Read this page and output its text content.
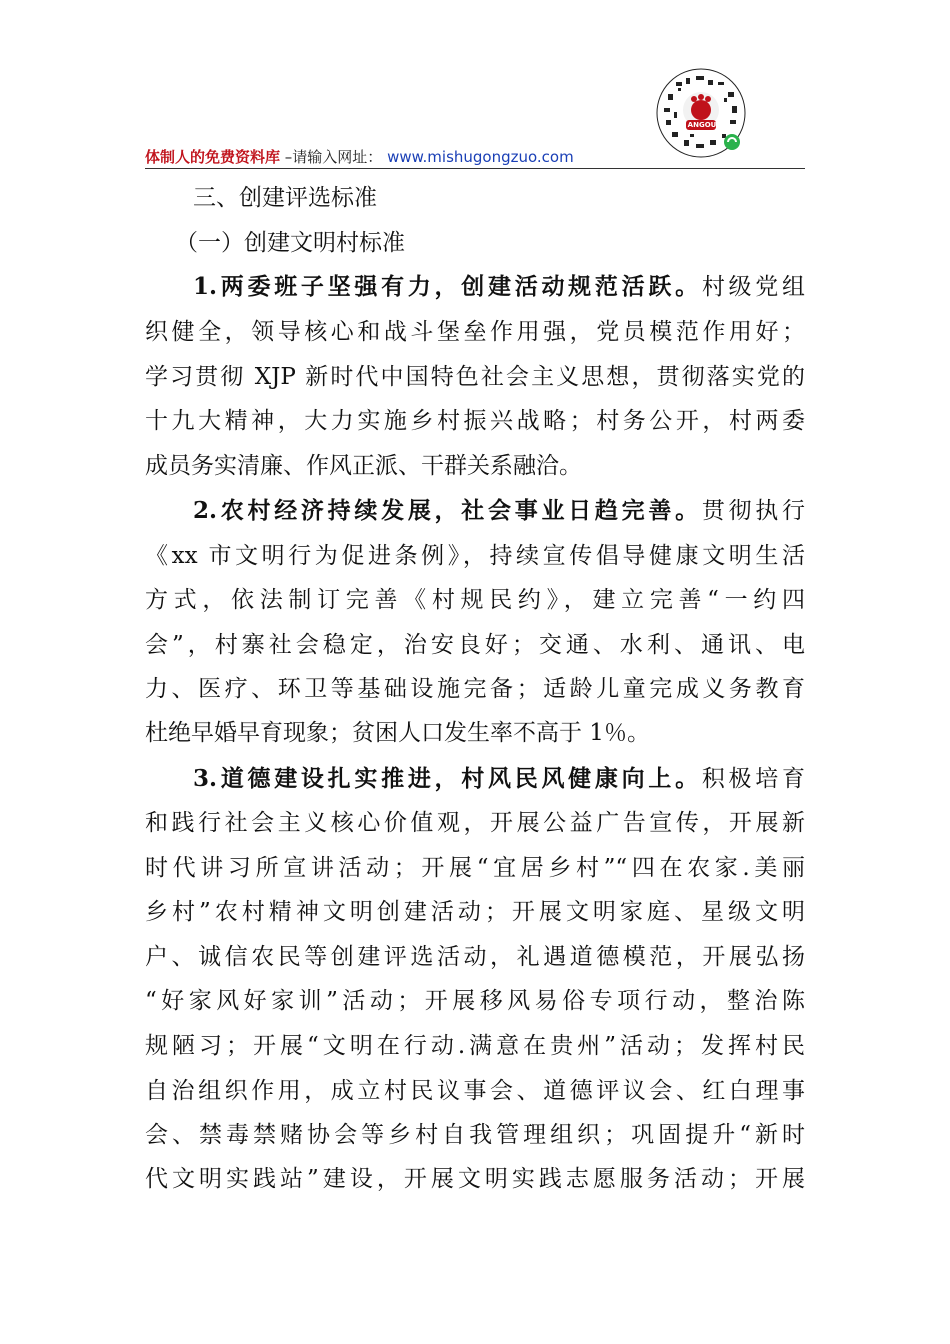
ANGOU
体制人的免费资料库 –请输入网址： www.mishugongzuo.com
三、创建评选标准
（一）创建文明村标准
1.两委班子坚强有力，创建活动规范活跃。村级党组
织健全，领导核心和战斗堡垒作用强，党员模范作用好；
学习贯彻 XJP 新时代中国特色社会主义思想，贯彻落实党的
十九大精神，大力实施乡村振兴战略；村务公开，村两委
成员务实清廉、作风正派、干群关系融洽。
2.农村经济持续发展，社会事业日趋完善。贯彻执行
《xx 市文明行为促进条例》，持续宣传倡导健康文明生活
方式，依法制订完善《村规民约》，建立完善“一约四
会”，村寨社会稳定，治安良好；交通、水利、通讯、电
力、医疗、环卫等基础设施完备；适龄儿童完成义务教育
杜绝早婚早育现象；贫困人口发生率不高于 1％。
3.道德建设扎实推进，村风民风健康向上。积极培育
和践行社会主义核心价值观，开展公益广告宣传，开展新
时代讲习所宣讲活动；开展“宜居乡村”“四在农家.美丽
乡村”农村精神文明创建活动；开展文明家庭、星级文明
户、诚信农民等创建评选活动，礼遇道德模范，开展弘扬
“好家风好家训”活动；开展移风易俗专项行动，整治陈
规陋习；开展“文明在行动.满意在贵州”活动；发挥村民
自治组织作用，成立村民议事会、道德评议会、红白理事
会、禁毒禁赌协会等乡村自我管理组织；巩固提升“新时
代文明实践站”建设，开展文明实践志愿服务活动；开展
